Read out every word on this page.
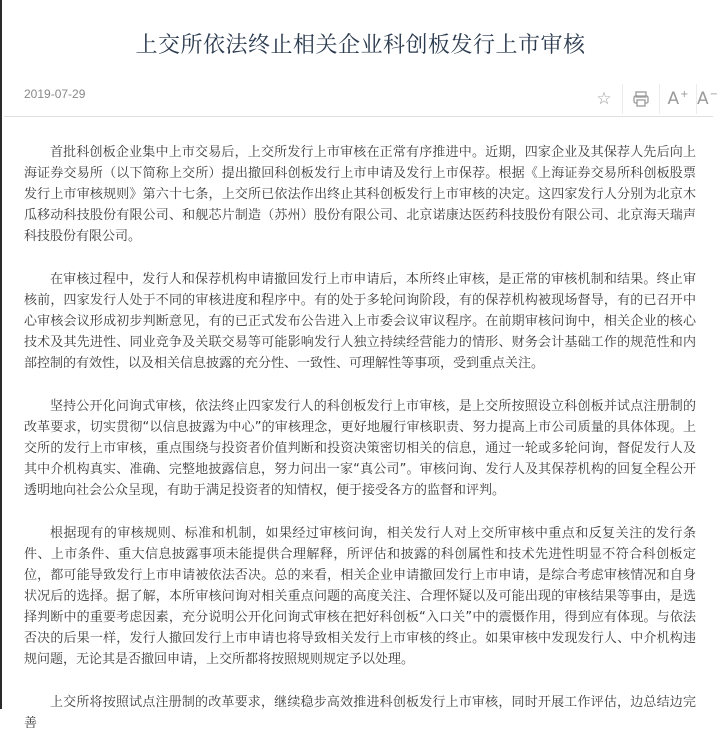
上交所依法终止相关企业科创板发行上市审核
2019-07-29	☆	A+ A−

首批科创板企业集中上市交易后，上交所发行上市审核在正常有序推进中。近期，四家企业及其保荐人先后向上海证券交易所（以下简称上交所）提出撤回科创板发行上市申请及发行上市保荐。根据《上海证券交易所科创板股票发行上市审核规则》第六十七条，上交所已依法作出终止其科创板发行上市审核的决定。这四家发行人分别为北京木瓜移动科技股份有限公司、和舰芯片制造（苏州）股份有限公司、北京诺康达医药科技股份有限公司、北京海天瑞声科技股份有限公司。

在审核过程中，发行人和保荐机构申请撤回发行上市申请后，本所终止审核，是正常的审核机制和结果。终止审核前，四家发行人处于不同的审核进度和程序中。有的处于多轮问询阶段，有的保荐机构被现场督导，有的已召开中心审核会议形成初步判断意见，有的已正式发布公告进入上市委会议审议程序。在前期审核问询中，相关企业的核心技术及其先进性、同业竞争及关联交易等可能影响发行人独立持续经营能力的情形、财务会计基础工作的规范性和内部控制的有效性，以及相关信息披露的充分性、一致性、可理解性等事项，受到重点关注。

坚持公开化问询式审核，依法终止四家发行人的科创板发行上市审核，是上交所按照设立科创板并试点注册制的改革要求，切实贯彻“以信息披露为中心”的审核理念，更好地履行审核职责、努力提高上市公司质量的具体体现。上交所的发行上市审核，重点围绕与投资者价值判断和投资决策密切相关的信息，通过一轮或多轮问询，督促发行人及其中介机构真实、准确、完整地披露信息，努力问出一家“真公司”。审核问询、发行人及其保荐机构的回复全程公开透明地向社会公众呈现，有助于满足投资者的知情权，便于接受各方的监督和评判。

根据现有的审核规则、标准和机制，如果经过审核问询，相关发行人对上交所审核中重点和反复关注的发行条件、上市条件、重大信息披露事项未能提供合理解释，所评估和披露的科创属性和技术先进性明显不符合科创板定位，都可能导致发行上市申请被依法否决。总的来看，相关企业申请撤回发行上市申请，是综合考虑审核情况和自身状况后的选择。据了解，本所审核问询对相关重点问题的高度关注、合理怀疑以及可能出现的审核结果等事由，是选择判断中的重要考虑因素，充分说明公开化问询式审核在把好科创板“入口关”中的震慑作用，得到应有体现。与依法否决的后果一样，发行人撤回发行上市申请也将导致相关发行上市审核的终止。如果审核中发现发行人、中介机构违规问题，无论其是否撤回申请，上交所都将按照规则规定予以处理。

上交所将按照试点注册制的改革要求，继续稳步高效推进科创板发行上市审核，同时开展工作评估，边总结边完善
